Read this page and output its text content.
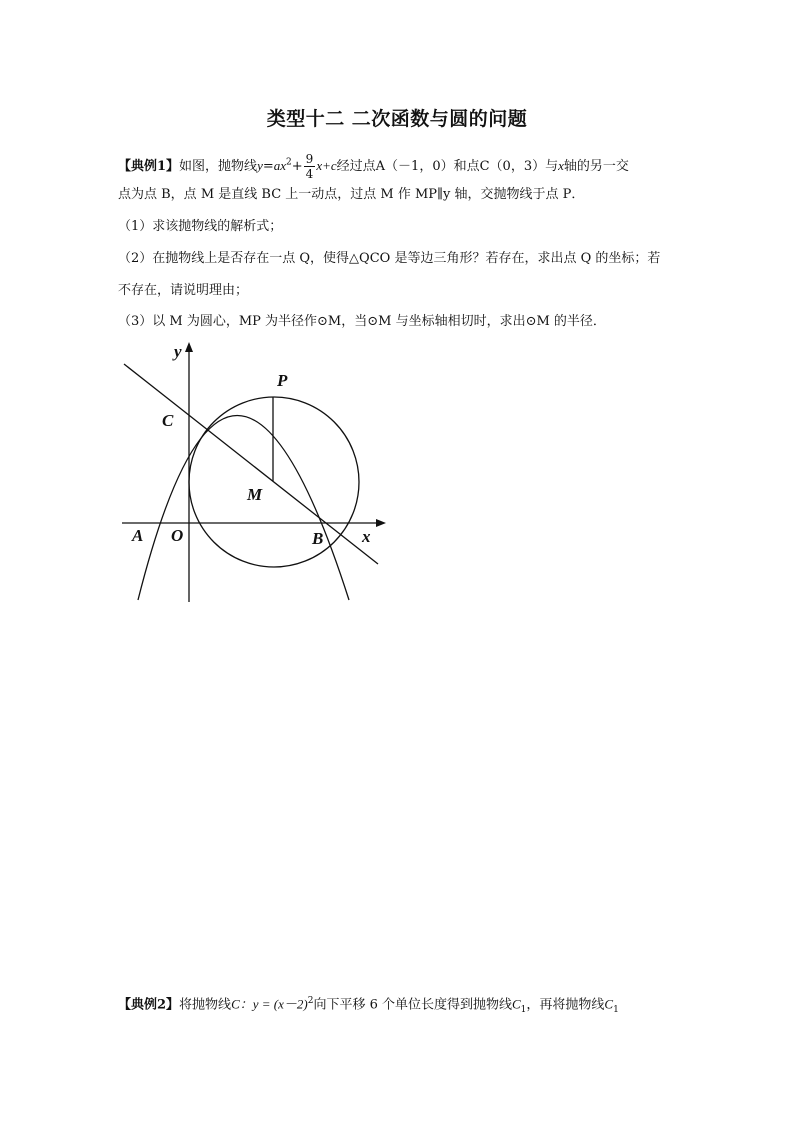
类型十二 二次函数与圆的问题
【典例1】如图，抛物线$y=ax^2+ \frac{9}{4} x+c$经过点A（－1，0）和点C（0，3）与x轴的另一交
点为点 B，点 M 是直线 BC 上一动点，过点 M 作 MP∥y 轴，交抛物线于点 P．
（1）求该抛物线的解析式；
（2）在抛物线上是否存在一点 Q，使得△QCO 是等边三角形？若存在，求出点 Q 的坐标；若
不存在，请说明理由；
（3）以 M 为圆心，MP 为半径作⊙M，当⊙M 与坐标轴相切时，求出⊙M 的半径．
y
x
O
A	B
C
M
P
【典例2】将抛物线C：$y = (x-2)^2$向下平移 6 个单位长度得到抛物线$C_1$，再将抛物线$C_1$
